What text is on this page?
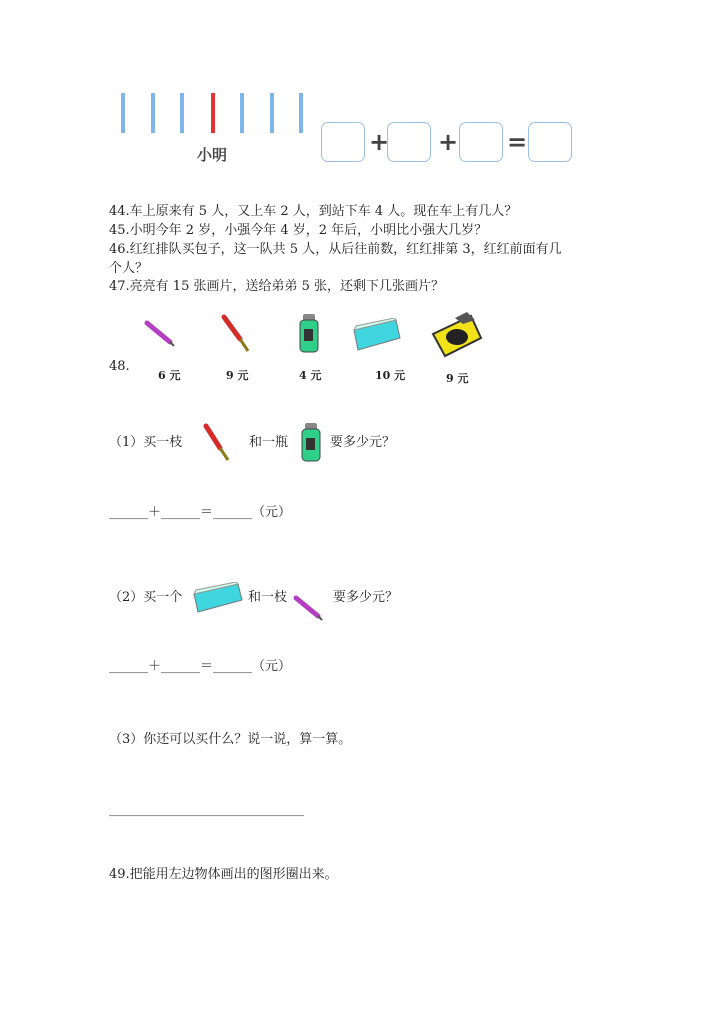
小明	+ + =
44.车上原来有 5 人，又上车 2 人，到站下车 4 人。现在车上有几人？
45.小明今年 2 岁，小强今年 4 岁，2 年后，小明比小强大几岁？
46.红红排队买包子，这一队共 5 人，从后往前数，红红排第 3，红红前面有几
个人？
47.亮亮有 15 张画片，送给弟弟 5 张，还剩下几张画片？
48.
6 元	9 元	4 元	10 元	9 元
（1）买一枝	和一瓶	要多少元？
______＋______＝______（元）
（2）买一个	和一枝	要多少元？
______＋______＝______（元）
（3）你还可以买什么？说一说，算一算。
______________________________
49.把能用左边物体画出的图形圈出来。
